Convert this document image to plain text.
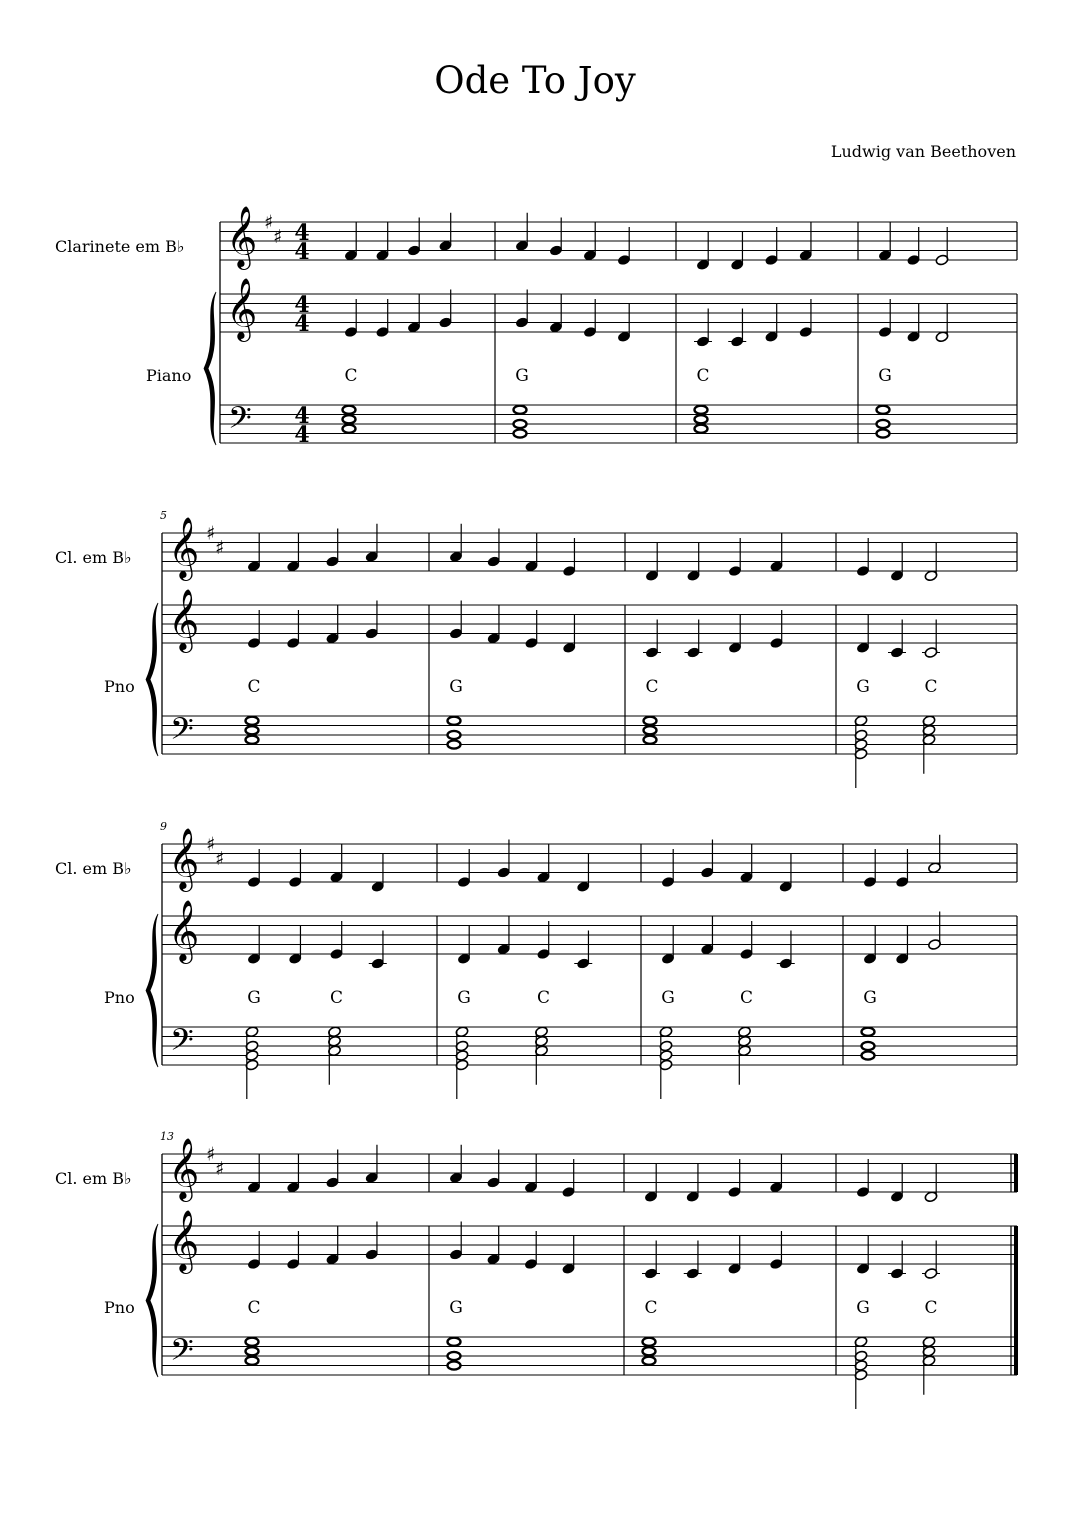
Ode To Joy
Ludwig van Beethoven
Clarinete em B♭
Piano
𝄞
𝄞
𝄢
♯
♯
C	G	C	G
4
4
4
4
4
4
Cl. em B♭
Pno
5
𝄞
𝄞
𝄢
♯
♯
C	G	C	G	C
Cl. em B♭
Pno
9
𝄞
𝄞
𝄢
♯
♯
G	C	G	C	G	C	G
Cl. em B♭
Pno
13
𝄞
𝄞
𝄢
♯
♯
C	G	C	G	C
